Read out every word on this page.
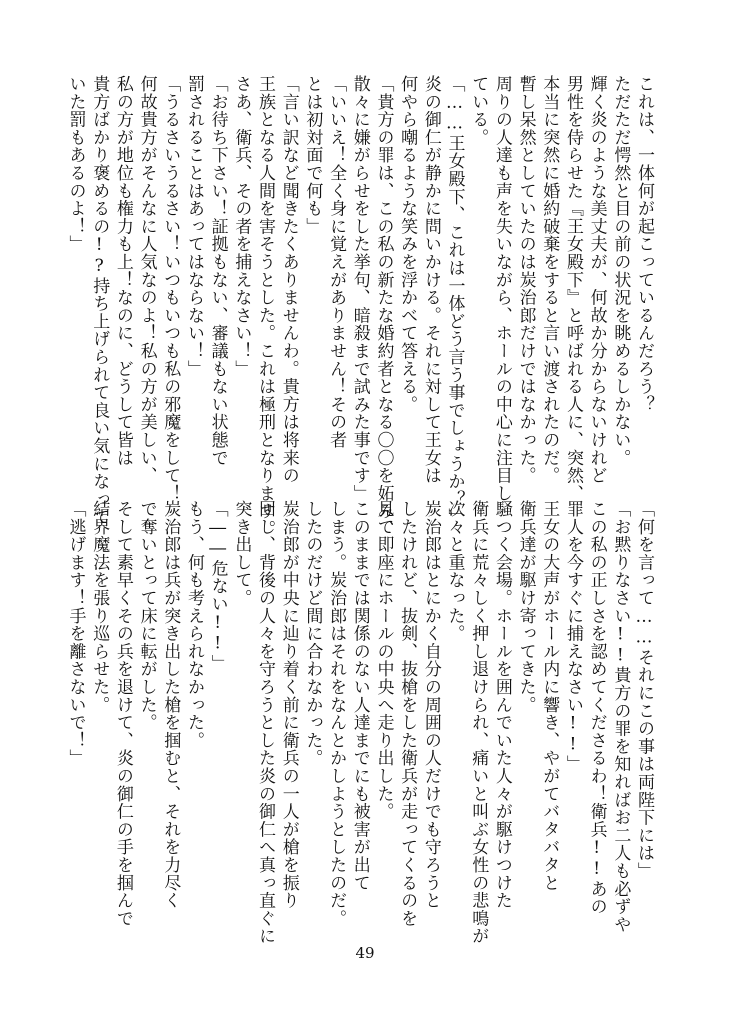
これは、一体何が起こっているんだろう？
ただただ愕然と目の前の状況を眺めるしかない。
輝く炎のような美丈夫が、何故か分からないけれど
男性を侍らせた『王女殿下』と呼ばれる人に、突然、
本当に突然に婚約破棄をすると言い渡されたのだ。
暫し呆然としていたのは炭治郎だけではなかった。
周りの人達も声を失いながら、ホールの中心に注目し
ている。
「……王女殿下、これは一体どう言う事でしょうか？」
炎の御仁が静かに問いかける。それに対して王女は
何やら嘲るような笑みを浮かべて答える。
「貴方の罪は、この私の新たな婚約者となる〇〇を妬み、
散々に嫌がらせをした挙句、暗殺まで試みた事です」
「いいえ！全く身に覚えがありません！その者
とは初対面で何も」
「言い訳など聞きたくありませんわ。貴方は将来の
王族となる人間を害そうとした。これは極刑となります。
さあ、衛兵、その者を捕えなさい！」
「お待ち下さい！証拠もない、審議もない状態で
罰されることはあってはならない！」
「うるさいうるさい！いつもいつも私の邪魔をして！
何故貴方がそんなに人気なのよ！私の方が美しい、
私の方が地位も権力も上！なのに、どうして皆は
貴方ばかり褒めるの!?持ち上げられて良い気になって
いた罰もあるのよ！」
「何を言って……それにこの事は両陛下には」
「お黙りなさい!!貴方の罪を知ればお二人も必ずや
この私の正しさを認めてくださるわ！衛兵!!あの
罪人を今すぐに捕えなさい!!」
王女の大声がホール内に響き、やがてバタバタと
衛兵達が駆け寄ってきた。
騒つく会場。ホールを囲んでいた人々が駆けつけた
衛兵に荒々しく押し退けられ、痛いと叫ぶ女性の悲鳴が
次々と重なった。
炭治郎はとにかく自分の周囲の人だけでも守ろうと
したけれど、抜剣、抜槍をした衛兵が走ってくるのを
見て即座にホールの中央へ走り出した。
このままでは関係のない人達までにも被害が出て
しまう。炭治郎はそれをなんとかしようとしたのだ。
したのだけど間に合わなかった。
炭治郎が中央に辿り着く前に衛兵の一人が槍を振り
回し、背後の人々を守ろうとした炎の御仁へ真っ直ぐに
突き出して。
「――危ない!!」
もう、何も考えられなかった。
炭治郎は兵が突き出した槍を掴むと、それを力尽く
で奪いとって床に転がした。
そして素早くその兵を退けて、炎の御仁の手を掴んで
結界魔法を張り巡らせた。
「逃げます！手を離さないで！」
49
